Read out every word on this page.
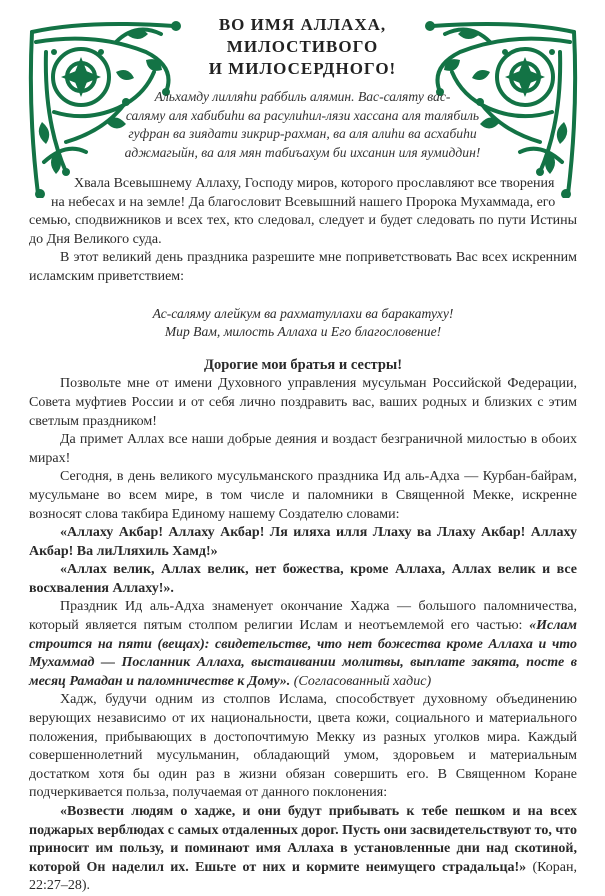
ВО ИМЯ АЛЛАХА,
МИЛОСТИВОГО
И МИЛОСЕРДНОГО!
Альхамду лилляhи раббиль алямин. Вас-саляту вас-
саляму аля хабибиhи ва расулиhил-лязи хассана аля талябиль
гуфран ва зиядати зикрир-рахман, ва аля алиhи ва асхабиhи
аджмагыйн, ва аля мян табиъахум би ихсанин иля яумиддин!
Хвала Всевышнему Аллаху, Господу миров, которого прославляют все творения
на небесах и на земле! Да благословит Всевышний нашего Пророка Мухаммада, его

семью, сподвижников и всех тех, кто следовал, следует и будет следовать по пути Истины до Дня Великого суда.

В этот великий день праздника разрешите мне поприветствовать Вас всех искренним исламским приветствием:

Ас-саляму алейкум ва рахматуллахи ва баракатуху!
Мир Вам, милость Аллаха и Его благословение!
Дорогие мои братья и сестры!

Позвольте мне от имени Духовного управления мусульман Российской Федерации, Совета муфтиев России и от себя лично поздравить вас, ваших родных и близких с этим светлым праздником!

Да примет Аллах все наши добрые деяния и воздаст безграничной милостью в обоих мирах!

Сегодня, в день великого мусульманского праздника Ид аль-Адха — Курбан-байрам, мусульмане во всем мире, в том числе и паломники в Священной Мекке, искренне возносят слова такбира Единому нашему Создателю словами:

«Аллаху Акбар! Аллаху Акбар! Ля иляха илля Ллаху ва Ллаху Акбар! Аллаху Акбар! Ва лиЛляхиль Хамд!»

«Аллах велик, Аллах велик, нет божества, кроме Аллаха, Аллах велик и все восхваления Аллаху!».

Праздник Ид аль-Адха знаменует окончание Хаджа — большого паломничества, который является пятым столпом религии Ислам и неотъемлемой его частью: «Ислам строится на пяти (вещах): свидетельстве, что нет божества кроме Аллаха и что Мухаммад — Посланник Аллаха, выстаивании молитвы, выплате закята, посте в месяц Рамадан и паломничестве к Дому». (Согласованный хадис)

Хадж, будучи одним из столпов Ислама, способствует духовному объединению верующих независимо от их национальности, цвета кожи, социального и материального положения, прибывающих в достопочтимую Мекку из разных уголков мира. Каждый совершеннолетний мусульманин, обладающий умом, здоровьем и материальным достатком хотя бы один раз в жизни обязан совершить его. В Священном Коране подчеркивается польза, получаемая от данного поклонения:

«Возвести людям о хадже, и они будут прибывать к тебе пешком и на всех поджарых верблюдах с самых отдаленных дорог. Пусть они засвидетельствуют то, что приносит им пользу, и поминают имя Аллаха в установленные дни над скотиной, которой Он наделил их. Ешьте от них и кормите неимущего страдальца!» (Коран, 22:27–28).
